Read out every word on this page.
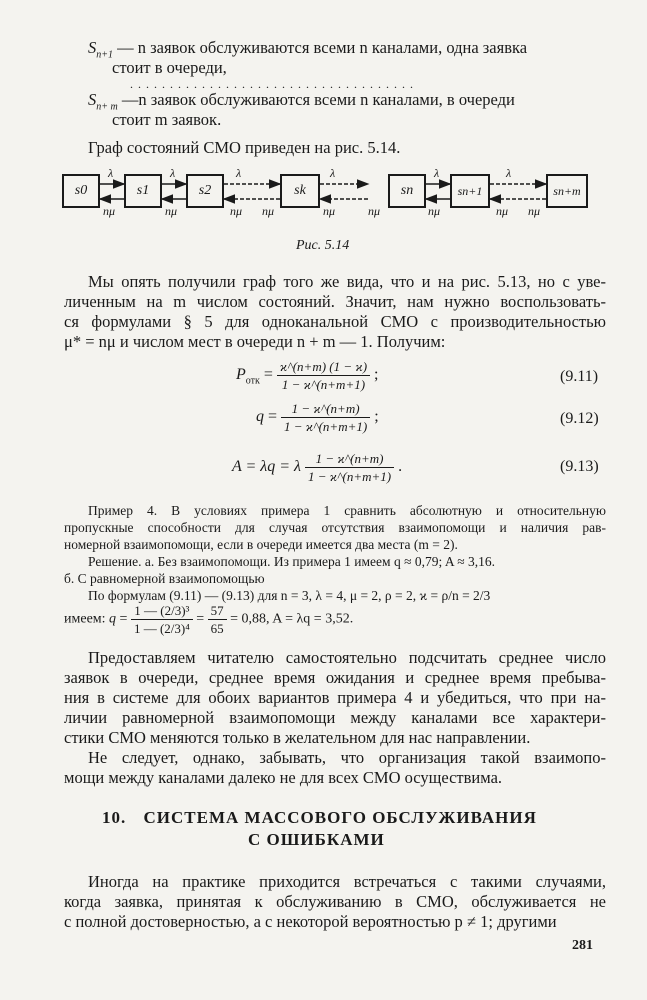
$S_{n+1}$ — n заявок обслуживаются всеми n каналами, одна заявка
стоит в очереди,
. . . . . . . . . . . . . . . . . . . . . . . . . . . . . . . . . . . .
$S_{n+ m}$ —n заявок обслуживаются всеми n каналами, в очереди
стоит m заявок.
Граф состояний СМО приведен на рис. 5.14.
s0	s1	s2	sk	sn	sn+1	sn+m
λ	λ	λ	λ	λ	λ
nμ	nμ	nμ nμ	nμ	nμ	nμ	nμ nμ
Рис. 5.14
Мы опять получили граф того же вида, что и на рис. 5.13, но с уве-
личенным на m числом состояний. Значит, нам нужно воспользовать-
ся формулами § 5 для одноканальной СМО с производительностью
μ* = nμ и числом мест в очереди n + m — 1. Получим:
$P_{отк} = \frac{ϰ\^{}(n+m) (1 - ϰ)}{1 - ϰ\^{}(n+m+1)}$ ;	(9.11)
$q = \frac{1 - ϰ\^{}(n+m)}{1 - ϰ\^{}(n+m+1)}$ ;	(9.12)
A = λq = λ $\frac{1 - ϰ\^{}(n+m)}{1 - ϰ\^{}(n+m+1)}$ .	(9.13)
Пример 4. В условиях примера 1 сравнить абсолютную и относительную
пропускные способности для случая отсутствия взаимопомощи и наличия рав-
номерной взаимопомощи, если в очереди имеется два места (m = 2).
Решение. а. Без взаимопомощи. Из примера 1 имеем q ≈ 0,79; A ≈ 3,16.
б. С равномерной взаимопомощью
По формулам (9.11) — (9.13) для n = 3, λ = 4, μ = 2, ρ = 2, ϰ = ρ/n = 2/3
имеем: $q = \frac{\text{1 — (2/3)³}}{\text{1 — (2/3)⁴}} = \frac{57}{65} = 0,88$, A = λq = 3,52.
Предоставляем читателю самостоятельно подсчитать среднее число
заявок в очереди, среднее время ожидания и среднее время пребыва-
ния в системе для обоих вариантов примера 4 и убедиться, что при на-
личии равномерной взаимопомощи между каналами все характери-
стики СМО меняются только в желательном для нас направлении.
Не следует, однако, забывать, что организация такой взаимопо-
мощи между каналами далеко не для всех СМО осуществима.
10. СИСТЕМА МАССОВОГО ОБСЛУЖИВАНИЯ
С ОШИБКАМИ
Иногда на практике приходится встречаться с такими случаями,
когда заявка, принятая к обслуживанию в СМО, обслуживается не
с полной достоверностью, а с некоторой вероятностью p ≠ 1; другими
281
